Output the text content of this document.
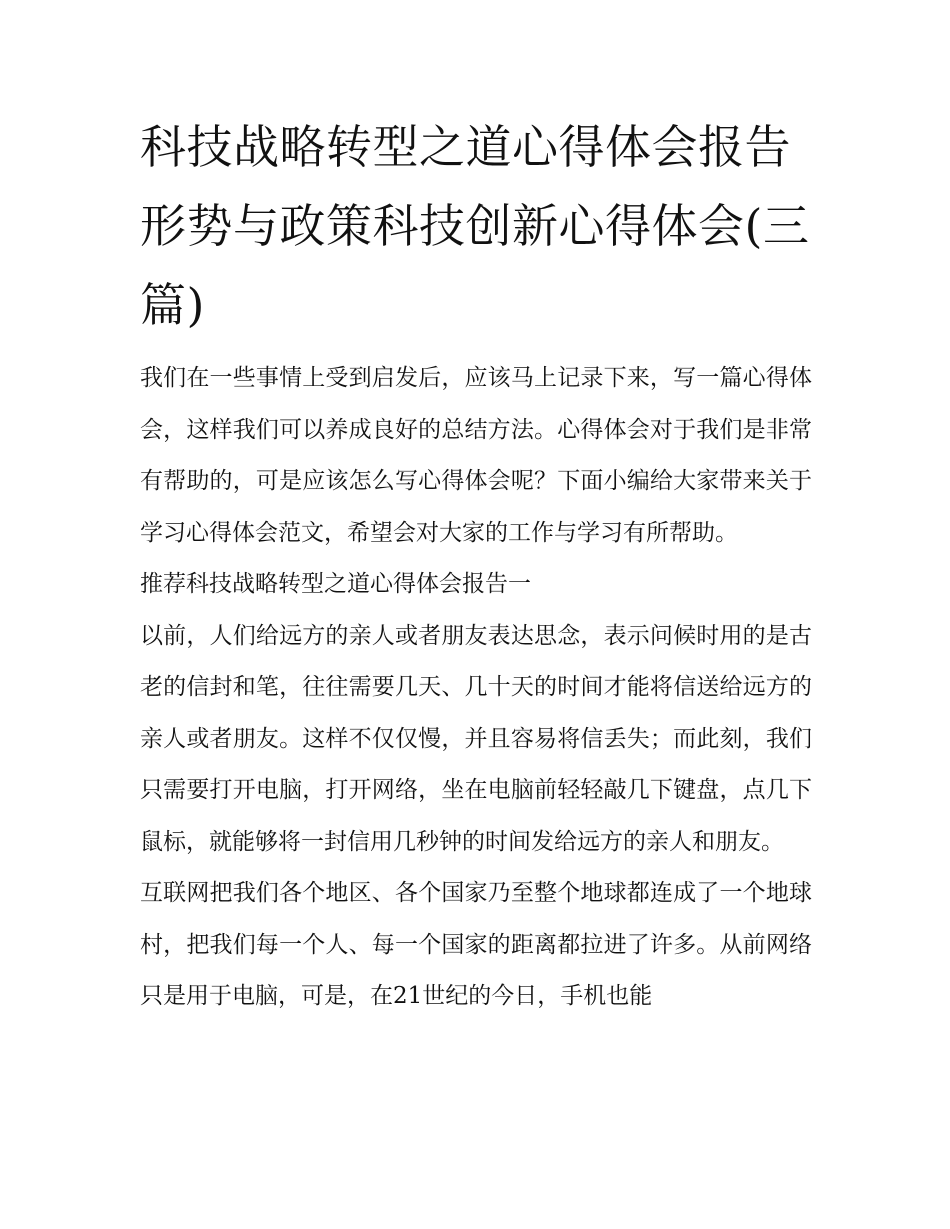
科技战略转型之道心得体会报告 形势与政策科技创新心得体会(三篇)

我们在一些事情上受到启发后，应该马上记录下来，写一篇心得体会，这样我们可以养成良好的总结方法。心得体会对于我们是非常有帮助的，可是应该怎么写心得体会呢？下面小编给大家带来关于学习心得体会范文，希望会对大家的工作与学习有所帮助。

推荐科技战略转型之道心得体会报告一

以前，人们给远方的亲人或者朋友表达思念，表示问候时用的是古老的信封和笔，往往需要几天、几十天的时间才能将信送给远方的亲人或者朋友。这样不仅仅慢，并且容易将信丢失；而此刻，我们只需要打开电脑，打开网络，坐在电脑前轻轻敲几下键盘，点几下鼠标，就能够将一封信用几秒钟的时间发给远方的亲人和朋友。

互联网把我们各个地区、各个国家乃至整个地球都连成了一个地球村，把我们每一个人、每一个国家的距离都拉进了许多。从前网络只是用于电脑，可是，在21世纪的今日，手机也能
